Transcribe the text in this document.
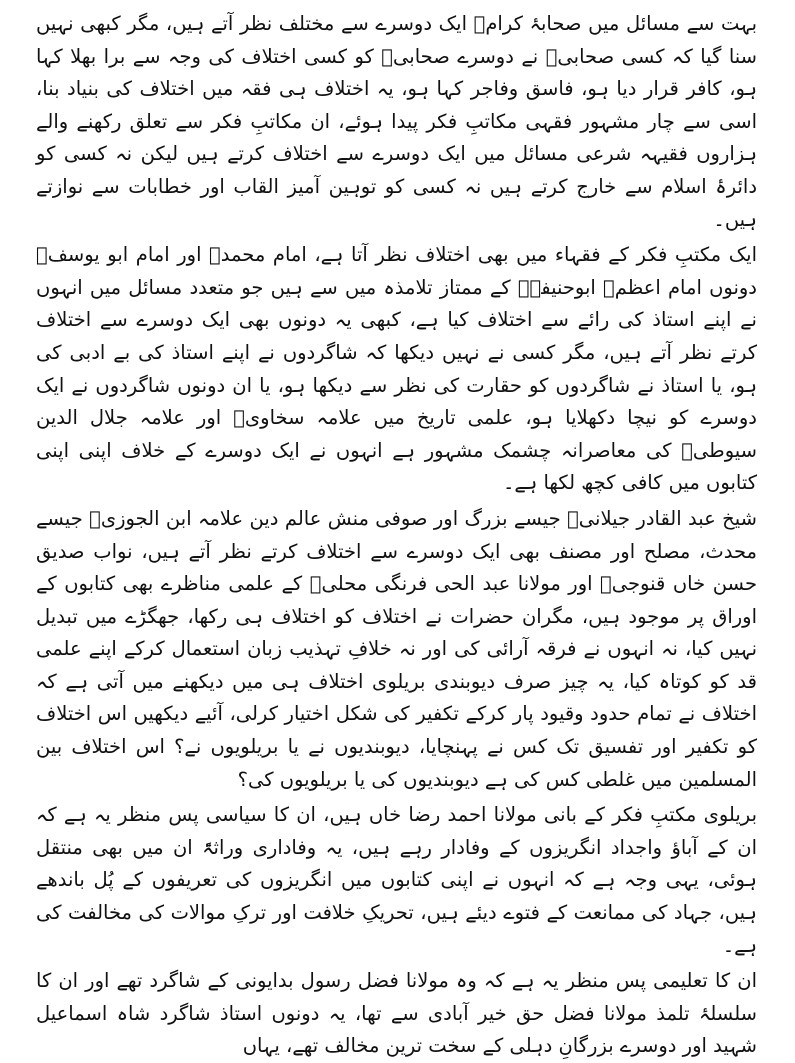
بہت سے مسائل میں صحابۂ کرامؓ ایک دوسرے سے مختلف نظر آتے ہیں، مگر کبھی نہیں سنا گیا کہ کسی صحابیؓ نے دوسرے صحابیؓ کو کسی اختلاف کی وجہ سے برا بھلا کہا ہو، کافر قرار دیا ہو، فاسق وفاجر کہا ہو، یہ اختلاف ہی فقہ میں اختلاف کی بنیاد بنا، اسی سے چار مشہور فقہی مکاتبِ فکر پیدا ہوئے، ان مکاتبِ فکر سے تعلق رکھنے والے ہزاروں فقیہہ شرعی مسائل میں ایک دوسرے سے اختلاف کرتے ہیں لیکن نہ کسی کو دائرۂ اسلام سے خارج کرتے ہیں نہ کسی کو توہین آمیز القاب اور خطابات سے نوازتے ہیں۔

ایک مکتبِ فکر کے فقہاء میں بھی اختلاف نظر آتا ہے، امام محمدؒ اور امام ابو یوسفؒ دونوں امام اعظمؒ ابوحنیفہؒ کے ممتاز تلامذہ میں سے ہیں جو متعدد مسائل میں انہوں نے اپنے استاذ کی رائے سے اختلاف کیا ہے، کبھی یہ دونوں بھی ایک دوسرے سے اختلاف کرتے نظر آتے ہیں، مگر کسی نے نہیں دیکھا کہ شاگردوں نے اپنے استاذ کی بے ادبی کی ہو، یا استاذ نے شاگردوں کو حقارت کی نظر سے دیکھا ہو، یا ان دونوں شاگردوں نے ایک دوسرے کو نیچا دکھلایا ہو، علمی تاریخ میں علامہ سخاویؒ اور علامہ جلال الدین سیوطیؒ کی معاصرانہ چشمک مشہور ہے انہوں نے ایک دوسرے کے خلاف اپنی اپنی کتابوں میں کافی کچھ لکھا ہے۔

شیخ عبد القادر جیلانیؒ جیسے بزرگ اور صوفی منش عالم دین علامہ ابن الجوزیؒ جیسے محدث، مصلح اور مصنف بھی ایک دوسرے سے اختلاف کرتے نظر آتے ہیں، نواب صدیق حسن خاں قنوجیؒ اور مولانا عبد الحی فرنگی محلیؒ کے علمی مناظرے بھی کتابوں کے اوراق پر موجود ہیں، مگران حضرات نے اختلاف کو اختلاف ہی رکھا، جھگڑے میں تبدیل نہیں کیا، نہ انہوں نے فرقہ آرائی کی اور نہ خلافِ تہذیب زبان استعمال کرکے اپنے علمی قد کو کوتاہ کیا، یہ چیز صرف دیوبندی بریلوی اختلاف ہی میں دیکھنے میں آتی ہے کہ اختلاف نے تمام حدود وقیود پار کرکے تکفیر کی شکل اختیار کرلی، آئیے دیکھیں اس اختلاف کو تکفیر اور تفسیق تک کس نے پہنچایا، دیوبندیوں نے یا بریلویوں نے؟ اس اختلاف بین المسلمین میں غلطی کس کی ہے دیوبندیوں کی یا بریلویوں کی؟

بریلوی مکتبِ فکر کے بانی مولانا احمد رضا خاں ہیں، ان کا سیاسی پس منظر یہ ہے کہ ان کے آباؤ واجداد انگریزوں کے وفادار رہے ہیں، یہ وفاداری وراثۃً ان میں بھی منتقل ہوئی، یہی وجہ ہے کہ انہوں نے اپنی کتابوں میں انگریزوں کی تعریفوں کے پُل باندھے ہیں، جہاد کی ممانعت کے فتوے دیئے ہیں، تحریکِ خلافت اور ترکِ موالات کی مخالفت کی ہے۔

ان کا تعلیمی پس منظر یہ ہے کہ وہ مولانا فضل رسول بدایونی کے شاگرد تھے اور ان کا سلسلۂ تلمذ مولانا فضل حق خیر آبادی سے تھا، یہ دونوں استاذ شاگرد شاہ اسماعیل شہید اور دوسرے بزرگانِ دہلی کے سخت ترین مخالف تھے، یہاں
